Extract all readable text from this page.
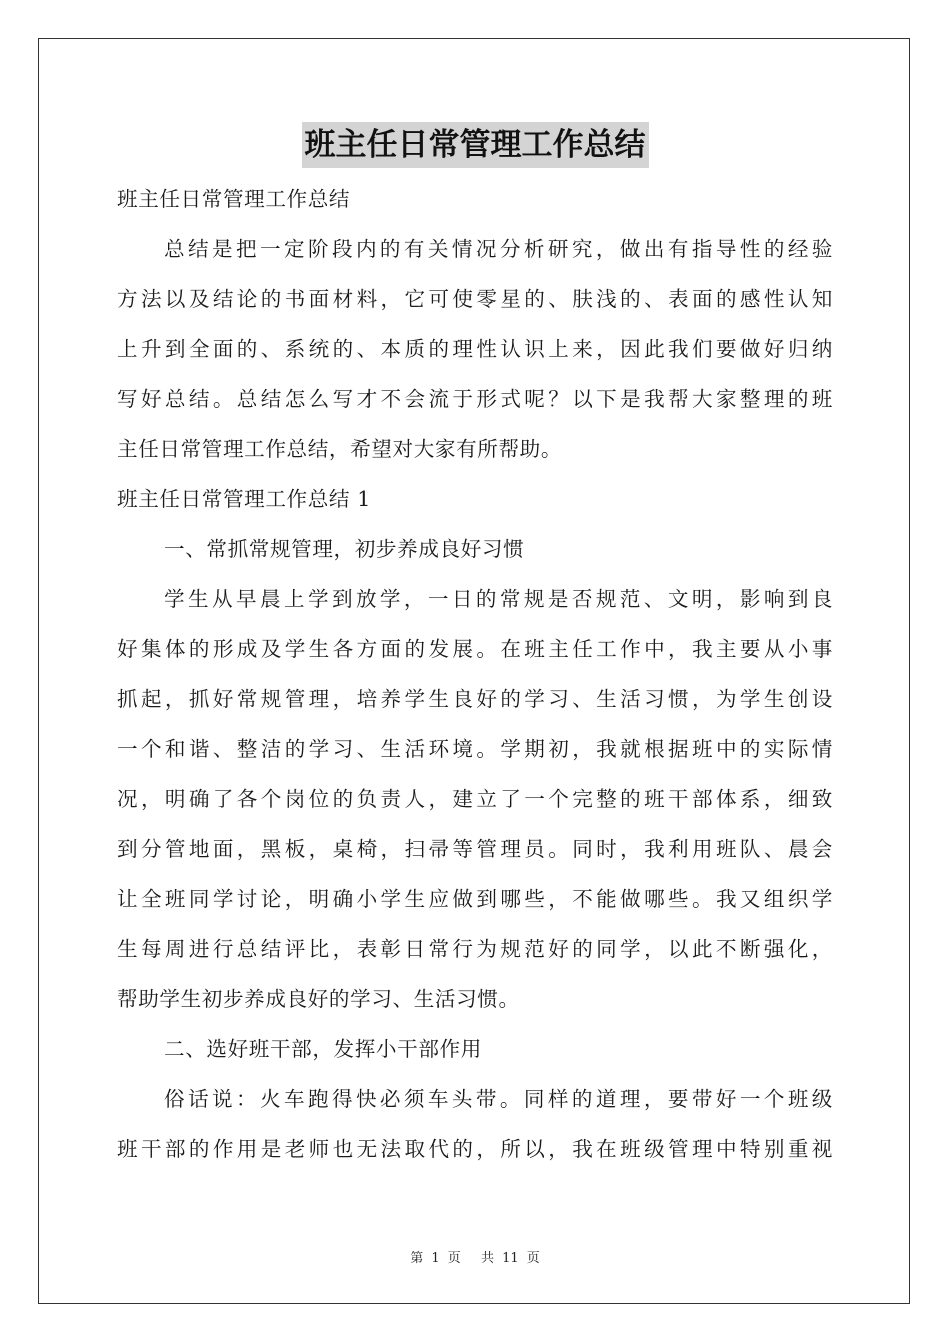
班主任日常管理工作总结
班主任日常管理工作总结
总结是把一定阶段内的有关情况分析研究，做出有指导性的经验
方法以及结论的书面材料，它可使零星的、肤浅的、表面的感性认知
上升到全面的、系统的、本质的理性认识上来，因此我们要做好归纳
写好总结。总结怎么写才不会流于形式呢？以下是我帮大家整理的班
主任日常管理工作总结，希望对大家有所帮助。
班主任日常管理工作总结 1
一、常抓常规管理，初步养成良好习惯
学生从早晨上学到放学，一日的常规是否规范、文明，影响到良
好集体的形成及学生各方面的发展。在班主任工作中，我主要从小事
抓起，抓好常规管理，培养学生良好的学习、生活习惯，为学生创设
一个和谐、整洁的学习、生活环境。学期初，我就根据班中的实际情
况，明确了各个岗位的负责人，建立了一个完整的班干部体系，细致
到分管地面，黑板，桌椅，扫帚等管理员。同时，我利用班队、晨会
让全班同学讨论，明确小学生应做到哪些，不能做哪些。我又组织学
生每周进行总结评比，表彰日常行为规范好的同学，以此不断强化，
帮助学生初步养成良好的学习、生活习惯。
二、选好班干部，发挥小干部作用
俗话说：火车跑得快必须车头带。同样的道理，要带好一个班级
班干部的作用是老师也无法取代的，所以，我在班级管理中特别重视
第 1 页 共 11 页
